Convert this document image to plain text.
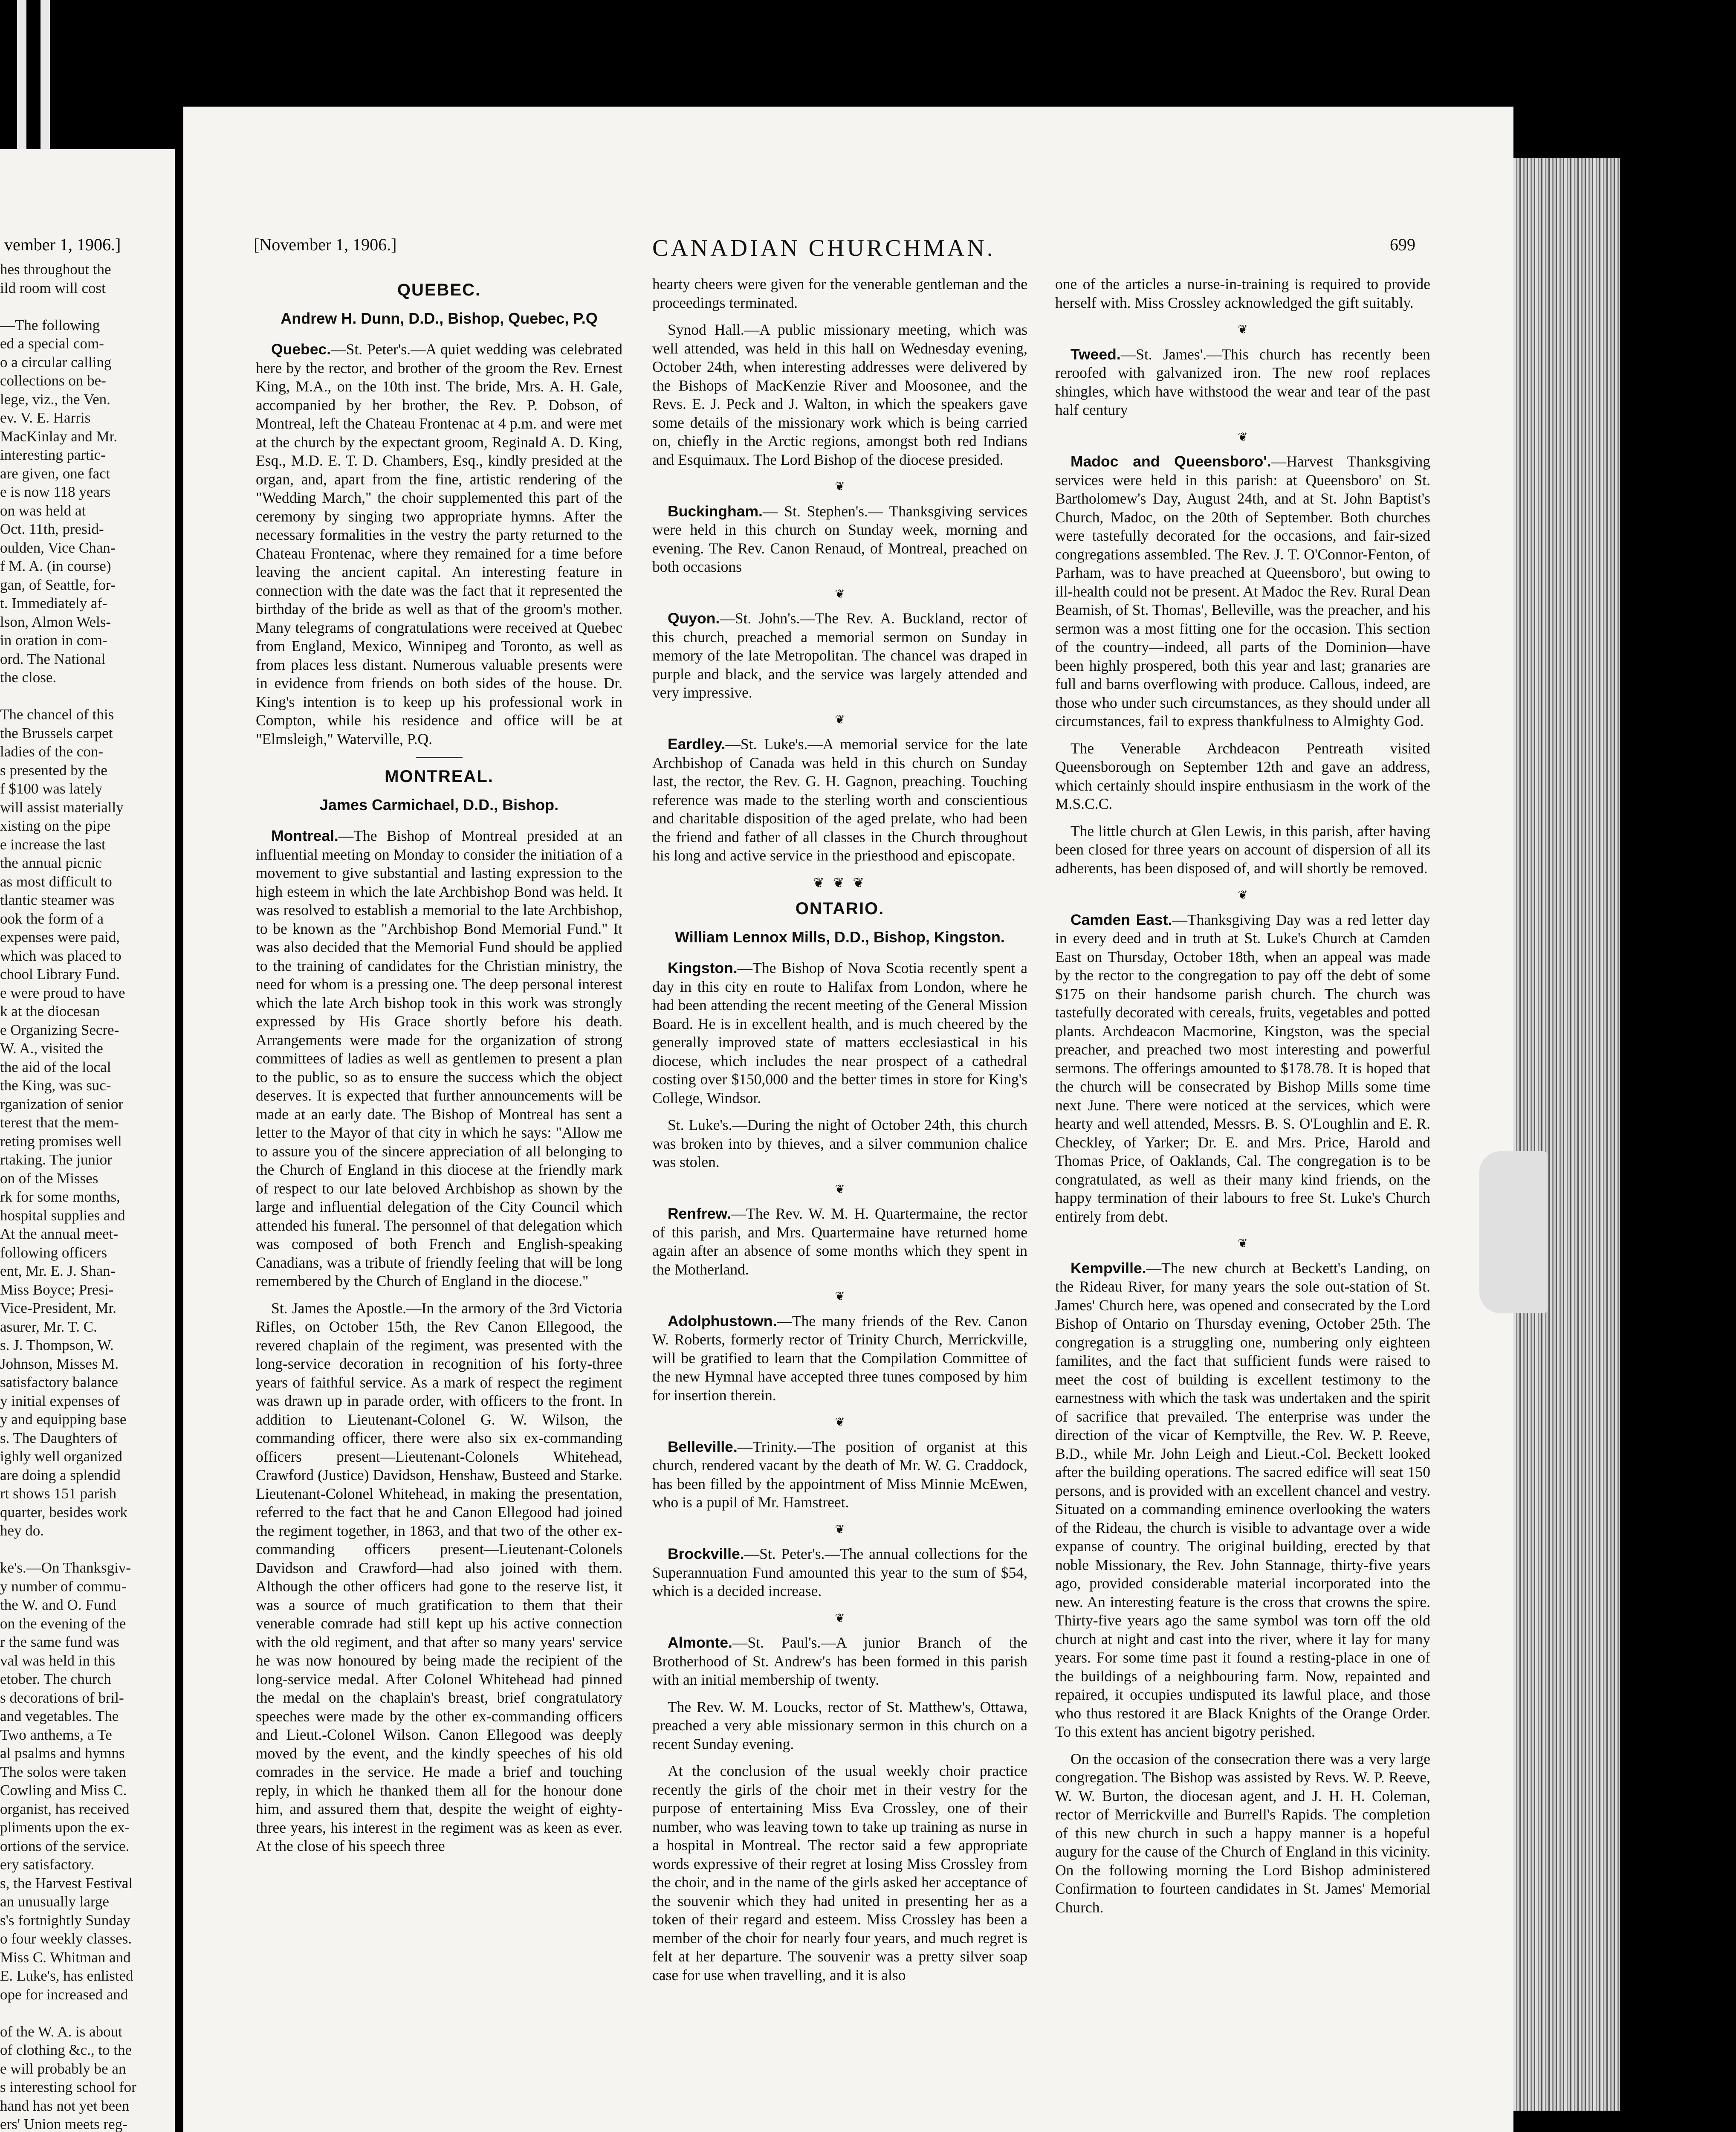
vember 1, 1906.]
hes throughout the
ild room will cost

—The following
ed a special com-
o a circular calling
collections on be-
lege, viz., the Ven.
ev. V. E. Harris
MacKinlay and Mr.
interesting partic-
are given, one fact
e is now 118 years
on was held at
Oct. 11th, presid-
oulden, Vice Chan-
f M. A. (in course)
gan, of Seattle, for-
t. Immediately af-
lson, Almon Wels-
in oration in com-
ord. The National
the close.

The chancel of this
the Brussels carpet
ladies of the con-
s presented by the
f $100 was lately
will assist materially
xisting on the pipe
e increase the last
the annual picnic
as most difficult to
tlantic steamer was
ook the form of a
expenses were paid,
which was placed to
chool Library Fund.
e were proud to have
k at the diocesan
e Organizing Secre-
W. A., visited the
the aid of the local
the King, was suc-
rganization of senior
terest that the mem-
reting promises well
rtaking. The junior
on of the Misses
rk for some months,
hospital supplies and
At the annual meet-
following officers
ent, Mr. E. J. Shan-
Miss Boyce; Presi-
Vice-President, Mr.
asurer, Mr. T. C.
s. J. Thompson, W.
Johnson, Misses M.
satisfactory balance
y initial expenses of
y and equipping base
s. The Daughters of
ighly well organized
are doing a splendid
rt shows 151 parish
quarter, besides work
hey do.

ke's.—On Thanksgiv-
y number of commu-
the W. and O. Fund
on the evening of the
r the same fund was
val was held in this
etober. The church
s decorations of bril-
and vegetables. The
Two anthems, a Te
al psalms and hymns
The solos were taken
Cowling and Miss C.
organist, has received
pliments upon the ex-
ortions of the service.
ery satisfactory.
s, the Harvest Festival
an unusually large
s's fortnightly Sunday
o four weekly classes.
Miss C. Whitman and
E. Luke's, has enlisted
ope for increased and

of the W. A. is about
of clothing &c., to the
e will probably be an
s interesting school for
hand has not yet been
ers' Union meets reg-
[November 1, 1906.]	CANADIAN CHURCHMAN.	699
QUEBEC.
Andrew H. Dunn, D.D., Bishop, Quebec, P.Q

Quebec.—St. Peter's.—A quiet wedding was celebrated here by the rector, and brother of the groom the Rev. Ernest King, M.A., on the 10th inst. The bride, Mrs. A. H. Gale, accompanied by her brother, the Rev. P. Dobson, of Montreal, left the Chateau Frontenac at 4 p.m. and were met at the church by the expectant groom, Reginald A. D. King, Esq., M.D. E. T. D. Chambers, Esq., kindly presided at the organ, and, apart from the fine, artistic rendering of the "Wedding March," the choir supplemented this part of the ceremony by singing two appropriate hymns. After the necessary formalities in the vestry the party returned to the Chateau Frontenac, where they remained for a time before leaving the ancient capital. An interesting feature in connection with the date was the fact that it represented the birthday of the bride as well as that of the groom's mother. Many telegrams of congratulations were received at Quebec from England, Mexico, Winnipeg and Toronto, as well as from places less distant. Numerous valuable presents were in evidence from friends on both sides of the house. Dr. King's intention is to keep up his professional work in Compton, while his residence and office will be at "Elmsleigh," Waterville, P.Q.

MONTREAL.
James Carmichael, D.D., Bishop.

Montreal.—The Bishop of Montreal presided at an influential meeting on Monday to consider the initiation of a movement to give substantial and lasting expression to the high esteem in which the late Archbishop Bond was held. It was resolved to establish a memorial to the late Archbishop, to be known as the "Archbishop Bond Memorial Fund." It was also decided that the Memorial Fund should be applied to the training of candidates for the Christian ministry, the need for whom is a pressing one. The deep personal interest which the late Arch bishop took in this work was strongly expressed by His Grace shortly before his death. Arrangements were made for the organization of strong committees of ladies as well as gentlemen to present a plan to the public, so as to ensure the success which the object deserves. It is expected that further announcements will be made at an early date. The Bishop of Montreal has sent a letter to the Mayor of that city in which he says: "Allow me to assure you of the sincere appreciation of all belonging to the Church of England in this diocese at the friendly mark of respect to our late beloved Archbishop as shown by the large and influential delegation of the City Council which attended his funeral. The personnel of that delegation which was composed of both French and English-speaking Canadians, was a tribute of friendly feeling that will be long remembered by the Church of England in the diocese."

St. James the Apostle.—In the armory of the 3rd Victoria Rifles, on October 15th, the Rev Canon Ellegood, the revered chaplain of the regiment, was presented with the long-service decoration in recognition of his forty-three years of faithful service. As a mark of respect the regiment was drawn up in parade order, with officers to the front. In addition to Lieutenant-Colonel G. W. Wilson, the commanding officer, there were also six ex-commanding officers present—Lieutenant-Colonels Whitehead, Crawford (Justice) Davidson, Henshaw, Busteed and Starke. Lieutenant-Colonel Whitehead, in making the presentation, referred to the fact that he and Canon Ellegood had joined the regiment together, in 1863, and that two of the other ex-commanding officers present—Lieutenant-Colonels Davidson and Crawford—had also joined with them. Although the other officers had gone to the reserve list, it was a source of much gratification to them that their venerable comrade had still kept up his active connection with the old regiment, and that after so many years' service he was now honoured by being made the recipient of the long-service medal. After Colonel Whitehead had pinned the medal on the chaplain's breast, brief congratulatory speeches were made by the other ex-commanding officers and Lieut.-Colonel Wilson. Canon Ellegood was deeply moved by the event, and the kindly speeches of his old comrades in the service. He made a brief and touching reply, in which he thanked them all for the honour done him, and assured them that, despite the weight of eighty-three years, his interest in the regiment was as keen as ever. At the close of his speech three

hearty cheers were given for the venerable gentleman and the proceedings terminated.

Synod Hall.—A public missionary meeting, which was well attended, was held in this hall on Wednesday evening, October 24th, when interesting addresses were delivered by the Bishops of MacKenzie River and Moosonee, and the Revs. E. J. Peck and J. Walton, in which the speakers gave some details of the missionary work which is being carried on, chiefly in the Arctic regions, amongst both red Indians and Esquimaux. The Lord Bishop of the diocese presided.

❦

Buckingham.— St. Stephen's.— Thanksgiving services were held in this church on Sunday week, morning and evening. The Rev. Canon Renaud, of Montreal, preached on both occasions

❦

Quyon.—St. John's.—The Rev. A. Buckland, rector of this church, preached a memorial sermon on Sunday in memory of the late Metropolitan. The chancel was draped in purple and black, and the service was largely attended and very impressive.

❦

Eardley.—St. Luke's.—A memorial service for the late Archbishop of Canada was held in this church on Sunday last, the rector, the Rev. G. H. Gagnon, preaching. Touching reference was made to the sterling worth and conscientious and charitable disposition of the aged prelate, who had been the friend and father of all classes in the Church throughout his long and active service in the priesthood and episcopate.

❦ ❦ ❦
ONTARIO.
William Lennox Mills, D.D., Bishop, Kingston.

Kingston.—The Bishop of Nova Scotia recently spent a day in this city en route to Halifax from London, where he had been attending the recent meeting of the General Mission Board. He is in excellent health, and is much cheered by the generally improved state of matters ecclesiastical in his diocese, which includes the near prospect of a cathedral costing over $150,000 and the better times in store for King's College, Windsor.

St. Luke's.—During the night of October 24th, this church was broken into by thieves, and a silver communion chalice was stolen.

❦

Renfrew.—The Rev. W. M. H. Quartermaine, the rector of this parish, and Mrs. Quartermaine have returned home again after an absence of some months which they spent in the Motherland.

❦

Adolphustown.—The many friends of the Rev. Canon W. Roberts, formerly rector of Trinity Church, Merrickville, will be gratified to learn that the Compilation Committee of the new Hymnal have accepted three tunes composed by him for insertion therein.

❦

Belleville.—Trinity.—The position of organist at this church, rendered vacant by the death of Mr. W. G. Craddock, has been filled by the appointment of Miss Minnie McEwen, who is a pupil of Mr. Hamstreet.

❦

Brockville.—St. Peter's.—The annual collections for the Superannuation Fund amounted this year to the sum of $54, which is a decided increase.

❦

Almonte.—St. Paul's.—A junior Branch of the Brotherhood of St. Andrew's has been formed in this parish with an initial membership of twenty.

The Rev. W. M. Loucks, rector of St. Matthew's, Ottawa, preached a very able missionary sermon in this church on a recent Sunday evening.

At the conclusion of the usual weekly choir practice recently the girls of the choir met in their vestry for the purpose of entertaining Miss Eva Crossley, one of their number, who was leaving town to take up training as nurse in a hospital in Montreal. The rector said a few appropriate words expressive of their regret at losing Miss Crossley from the choir, and in the name of the girls asked her acceptance of the souvenir which they had united in presenting her as a token of their regard and esteem. Miss Crossley has been a member of the choir for nearly four years, and much regret is felt at her departure. The souvenir was a pretty silver soap case for use when travelling, and it is also

one of the articles a nurse-in-training is required to provide herself with. Miss Crossley acknowledged the gift suitably.

❦

Tweed.—St. James'.—This church has recently been reroofed with galvanized iron. The new roof replaces shingles, which have withstood the wear and tear of the past half century

❦

Madoc and Queensboro'.—Harvest Thanksgiving services were held in this parish: at Queensboro' on St. Bartholomew's Day, August 24th, and at St. John Baptist's Church, Madoc, on the 20th of September. Both churches were tastefully decorated for the occasions, and fair-sized congregations assembled. The Rev. J. T. O'Connor-Fenton, of Parham, was to have preached at Queensboro', but owing to ill-health could not be present. At Madoc the Rev. Rural Dean Beamish, of St. Thomas', Belleville, was the preacher, and his sermon was a most fitting one for the occasion. This section of the country—indeed, all parts of the Dominion—have been highly prospered, both this year and last; granaries are full and barns overflowing with produce. Callous, indeed, are those who under such circumstances, as they should under all circumstances, fail to express thankfulness to Almighty God.

The Venerable Archdeacon Pentreath visited Queensborough on September 12th and gave an address, which certainly should inspire enthusiasm in the work of the M.S.C.C.

The little church at Glen Lewis, in this parish, after having been closed for three years on account of dispersion of all its adherents, has been disposed of, and will shortly be removed.

❦

Camden East.—Thanksgiving Day was a red letter day in every deed and in truth at St. Luke's Church at Camden East on Thursday, October 18th, when an appeal was made by the rector to the congregation to pay off the debt of some $175 on their handsome parish church. The church was tastefully decorated with cereals, fruits, vegetables and potted plants. Archdeacon Macmorine, Kingston, was the special preacher, and preached two most interesting and powerful sermons. The offerings amounted to $178.78. It is hoped that the church will be consecrated by Bishop Mills some time next June. There were noticed at the services, which were hearty and well attended, Messrs. B. S. O'Loughlin and E. R. Checkley, of Yarker; Dr. E. and Mrs. Price, Harold and Thomas Price, of Oaklands, Cal. The congregation is to be congratulated, as well as their many kind friends, on the happy termination of their labours to free St. Luke's Church entirely from debt.

❦

Kempville.—The new church at Beckett's Landing, on the Rideau River, for many years the sole out-station of St. James' Church here, was opened and consecrated by the Lord Bishop of Ontario on Thursday evening, October 25th. The congregation is a struggling one, numbering only eighteen familites, and the fact that sufficient funds were raised to meet the cost of building is excellent testimony to the earnestness with which the task was undertaken and the spirit of sacrifice that prevailed. The enterprise was under the direction of the vicar of Kemptville, the Rev. W. P. Reeve, B.D., while Mr. John Leigh and Lieut.-Col. Beckett looked after the building operations. The sacred edifice will seat 150 persons, and is provided with an excellent chancel and vestry. Situated on a commanding eminence overlooking the waters of the Rideau, the church is visible to advantage over a wide expanse of country. The original building, erected by that noble Missionary, the Rev. John Stannage, thirty-five years ago, provided considerable material incorporated into the new. An interesting feature is the cross that crowns the spire. Thirty-five years ago the same symbol was torn off the old church at night and cast into the river, where it lay for many years. For some time past it found a resting-place in one of the buildings of a neighbouring farm. Now, repainted and repaired, it occupies undisputed its lawful place, and those who thus restored it are Black Knights of the Orange Order. To this extent has ancient bigotry perished.

On the occasion of the consecration there was a very large congregation. The Bishop was assisted by Revs. W. P. Reeve, W. W. Burton, the diocesan agent, and J. H. H. Coleman, rector of Merrickville and Burrell's Rapids. The completion of this new church in such a happy manner is a hopeful augury for the cause of the Church of England in this vicinity. On the following morning the Lord Bishop administered Confirmation to fourteen candidates in St. James' Memorial Church.
